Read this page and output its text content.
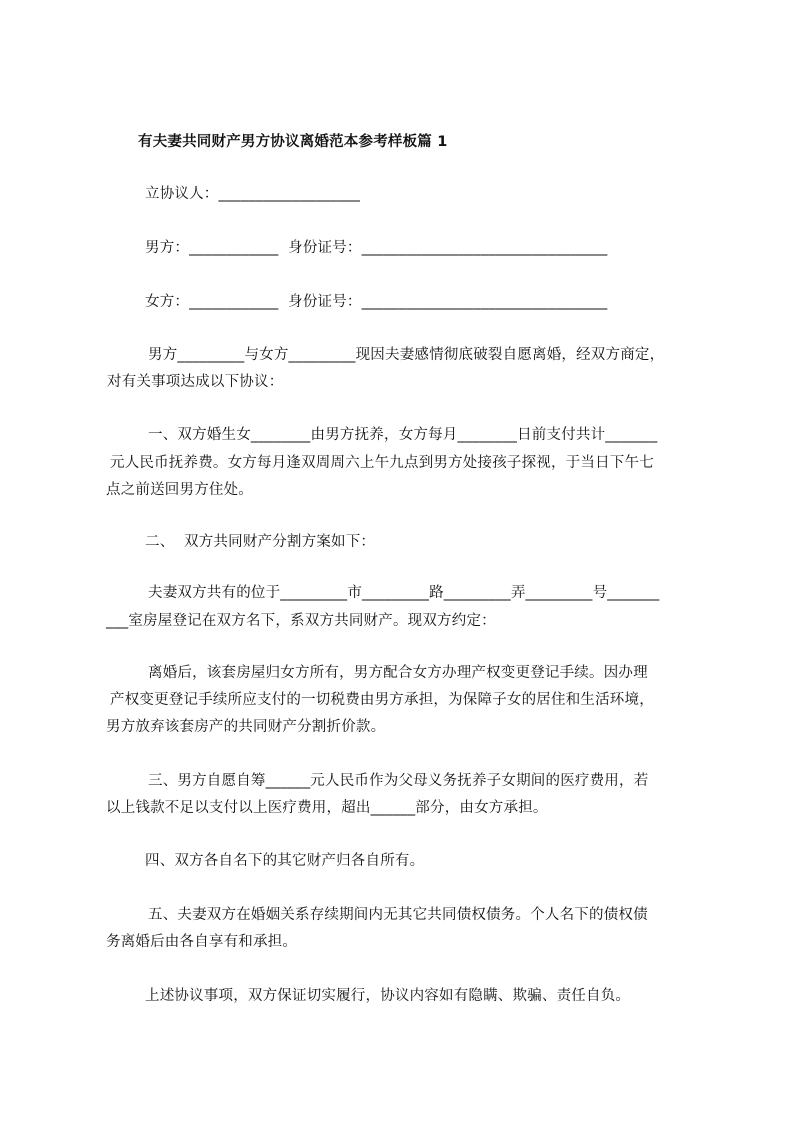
有夫妻共同财产男方协议离婚范本参考样板篇 1
立协议人：___________________
男方：____________  身份证号：_________________________________
女方：____________  身份证号：_________________________________
男方_________与女方_________现因夫妻感情彻底破裂自愿离婚，经双方商定，
对有关事项达成以下协议：
一、双方婚生女________由男方抚养，女方每月________日前支付共计_______
元人民币抚养费。女方每月逢双周周六上午九点到男方处接孩子探视，于当日下午七
点之前送回男方住处。
二、  双方共同财产分割方案如下：
夫妻双方共有的位于_________市_________路_________弄_________号_______
___室房屋登记在双方名下，系双方共同财产。现双方约定：
离婚后，该套房屋归女方所有，男方配合女方办理产权变更登记手续。因办理
产权变更登记手续所应支付的一切税费由男方承担，为保障子女的居住和生活环境，
男方放弃该套房产的共同财产分割折价款。
三、男方自愿自筹______元人民币作为父母义务抚养子女期间的医疗费用，若
以上钱款不足以支付以上医疗费用，超出______部分，由女方承担。
四、双方各自名下的其它财产归各自所有。
五、夫妻双方在婚姻关系存续期间内无其它共同债权债务。个人名下的债权债
务离婚后由各自享有和承担。
上述协议事项，双方保证切实履行，协议内容如有隐瞒、欺骗、责任自负。
